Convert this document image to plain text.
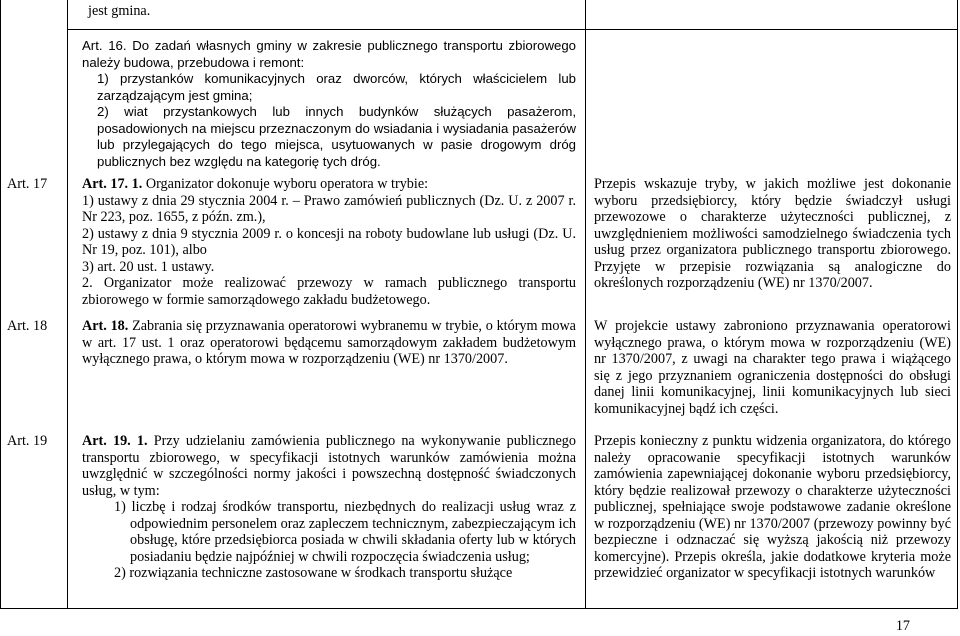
jest gmina.

Art. 16. Do zadań własnych gminy w zakresie publicznego transportu zbiorowego należy budowa, przebudowa i remont:

1) przystanków komunikacyjnych oraz dworców, których właścicielem lub zarządzającym jest gmina;

2) wiat przystankowych lub innych budynków służących pasażerom, posadowionych na miejscu przeznaczonym do wsiadania i wysiadania pasażerów lub przylegających do tego miejsca, usytuowanych w pasie drogowym dróg publicznych bez względu na kategorię tych dróg.

Art. 17 Art. 17. 1. Organizator dokonuje wyboru operatora w trybie:

1) ustawy z dnia 29 stycznia 2004 r. – Prawo zamówień publicznych (Dz. U. z 2007 r. Nr 223, poz. 1655, z późn. zm.),

2) ustawy z dnia 9 stycznia 2009 r. o koncesji na roboty budowlane lub usługi (Dz. U. Nr 19, poz. 101), albo

3) art. 20 ust. 1 ustawy.

2. Organizator może realizować przewozy w ramach publicznego transportu zbiorowego w formie samorządowego zakładu budżetowego.

Przepis wskazuje tryby, w jakich możliwe jest dokonanie wyboru przedsiębiorcy, który będzie świadczył usługi przewozowe o charakterze użyteczności publicznej, z uwzględnieniem możliwości samodzielnego świadczenia tych usług przez organizatora publicznego transportu zbiorowego. Przyjęte w przepisie rozwiązania są analogiczne do określonych rozporządzeniu (WE) nr 1370/2007.
Art. 18 Art. 18. Zabrania się przyznawania operatorowi wybranemu w trybie, o którym mowa w art. 17 ust. 1 oraz operatorowi będącemu samorządowym zakładem budżetowym wyłącznego prawa, o którym mowa w rozporządzeniu (WE) nr 1370/2007.

W projekcie ustawy zabroniono przyznawania operatorowi wyłącznego prawa, o którym mowa w rozporządzeniu (WE) nr 1370/2007, z uwagi na charakter tego prawa i wiążącego się z jego przyznaniem ograniczenia dostępności do obsługi danej linii komunikacyjnej, linii komunikacyjnych lub sieci komunikacyjnej bądź ich części.
Art. 19 Art. 19. 1. Przy udzielaniu zamówienia publicznego na wykonywanie publicznego transportu zbiorowego, w specyfikacji istotnych warunków zamówienia można uwzględnić w szczególności normy jakości i powszechną dostępność świadczonych usług, w tym:

1) liczbę i rodzaj środków transportu, niezbędnych do realizacji usług wraz z odpowiednim personelem oraz zapleczem technicznym, zabezpieczającym ich obsługę, które przedsiębiorca posiada w chwili składania oferty lub w których posiadaniu będzie najpóźniej w chwili rozpoczęcia świadczenia usług;

2) rozwiązania techniczne zastosowane w środkach transportu służące

Przepis konieczny z punktu widzenia organizatora, do którego należy opracowanie specyfikacji istotnych warunków zamówienia zapewniającej dokonanie wyboru przedsiębiorcy, który będzie realizował przewozy o charakterze użyteczności publicznej, spełniające swoje podstawowe zadanie określone w rozporządzeniu (WE) nr 1370/2007 (przewozy powinny być bezpieczne i odznaczać się wyższą jakością niż przewozy komercyjne). Przepis określa, jakie dodatkowe kryteria może przewidzieć organizator w specyfikacji istotnych warunków
17
